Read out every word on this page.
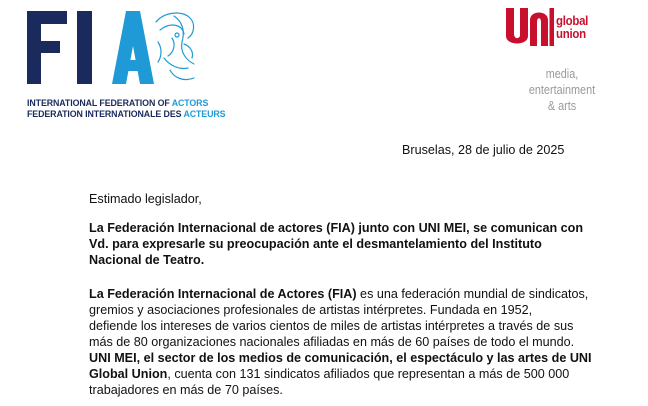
INTERNATIONAL FEDERATION OF ACTORS
FEDERATION INTERNATIONALE DES ACTEURS
global
union
media,
entertainment
& arts
Bruselas, 28 de julio de 2025
Estimado legislador,
La Federación Internacional de actores (FIA) junto con UNI MEI, se comunican con
Vd. para expresarle su preocupación ante el desmantelamiento del Instituto
Nacional de Teatro.
La Federación Internacional de Actores (FIA) es una federación mundial de sindicatos,
gremios y asociaciones profesionales de artistas intérpretes. Fundada en 1952,
defiende los intereses de varios cientos de miles de artistas intérpretes a través de sus
más de 80 organizaciones nacionales afiliadas en más de 60 países de todo el mundo.
UNI MEI, el sector de los medios de comunicación, el espectáculo y las artes de UNI
Global Union, cuenta con 131 sindicatos afiliados que representan a más de 500 000
trabajadores en más de 70 países.
